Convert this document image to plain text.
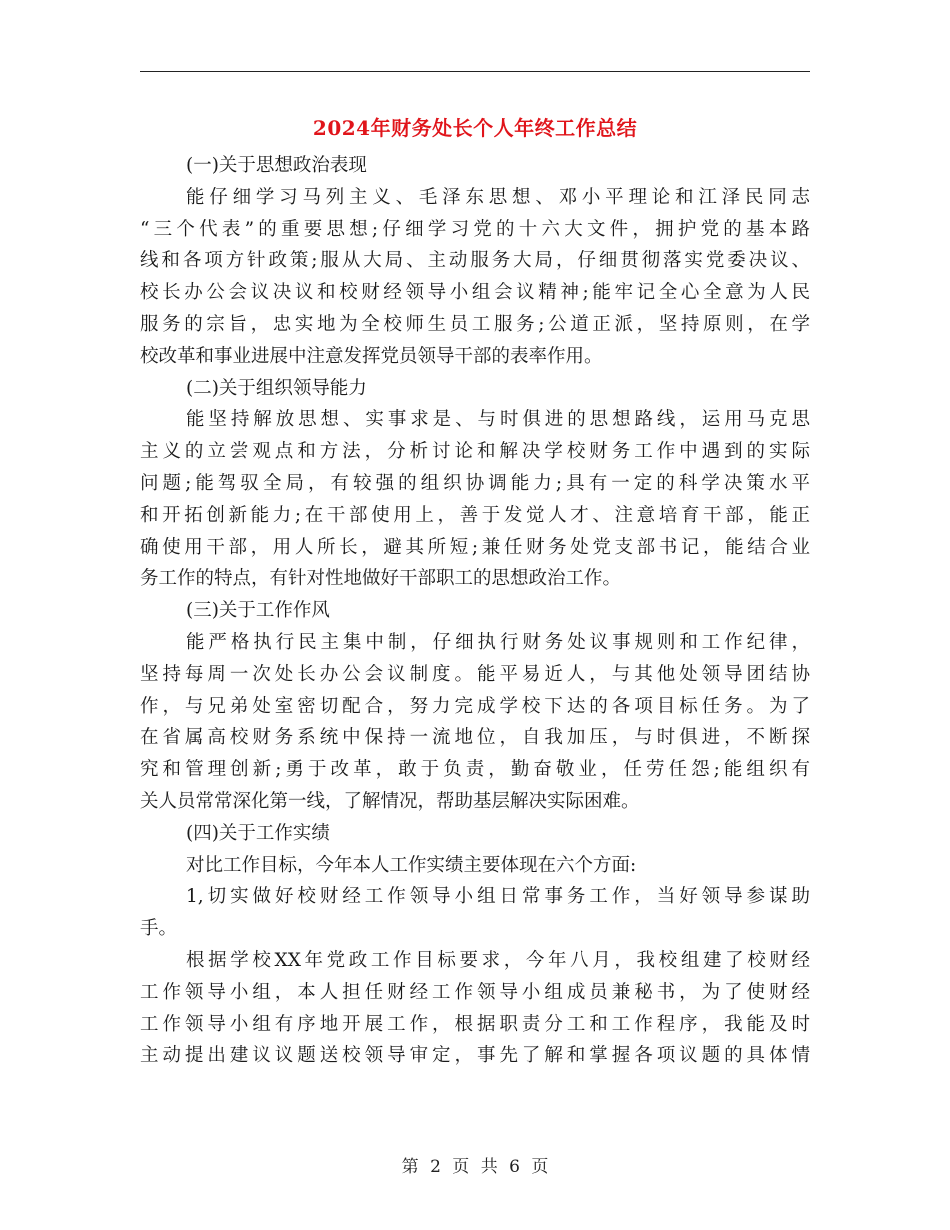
2024年财务处长个人年终工作总结
(一)关于思想政治表现
能仔细学习马列主义、毛泽东思想、邓小平理论和江泽民同志
“三个代表”的重要思想;仔细学习党的十六大文件，拥护党的基本路
线和各项方针政策;服从大局、主动服务大局，仔细贯彻落实党委决议、
校长办公会议决议和校财经领导小组会议精神;能牢记全心全意为人民
服务的宗旨，忠实地为全校师生员工服务;公道正派，坚持原则，在学
校改革和事业进展中注意发挥党员领导干部的表率作用。
(二)关于组织领导能力
能坚持解放思想、实事求是、与时俱进的思想路线，运用马克思
主义的立尝观点和方法，分析讨论和解决学校财务工作中遇到的实际
问题;能驾驭全局，有较强的组织协调能力;具有一定的科学决策水平
和开拓创新能力;在干部使用上，善于发觉人才、注意培育干部，能正
确使用干部，用人所长，避其所短;兼任财务处党支部书记，能结合业
务工作的特点，有针对性地做好干部职工的思想政治工作。
(三)关于工作作风
能严格执行民主集中制，仔细执行财务处议事规则和工作纪律，
坚持每周一次处长办公会议制度。能平易近人，与其他处领导团结协
作，与兄弟处室密切配合，努力完成学校下达的各项目标任务。为了
在省属高校财务系统中保持一流地位，自我加压，与时俱进，不断探
究和管理创新;勇于改革，敢于负责，勤奋敬业，任劳任怨;能组织有
关人员常常深化第一线，了解情况，帮助基层解决实际困难。
(四)关于工作实绩
对比工作目标，今年本人工作实绩主要体现在六个方面:
1,切实做好校财经工作领导小组日常事务工作，当好领导参谋助
手。
根据学校XX年党政工作目标要求，今年八月，我校组建了校财经
工作领导小组，本人担任财经工作领导小组成员兼秘书，为了使财经
工作领导小组有序地开展工作，根据职责分工和工作程序，我能及时
主动提出建议议题送校领导审定，事先了解和掌握各项议题的具体情
第 2 页 共 6 页
